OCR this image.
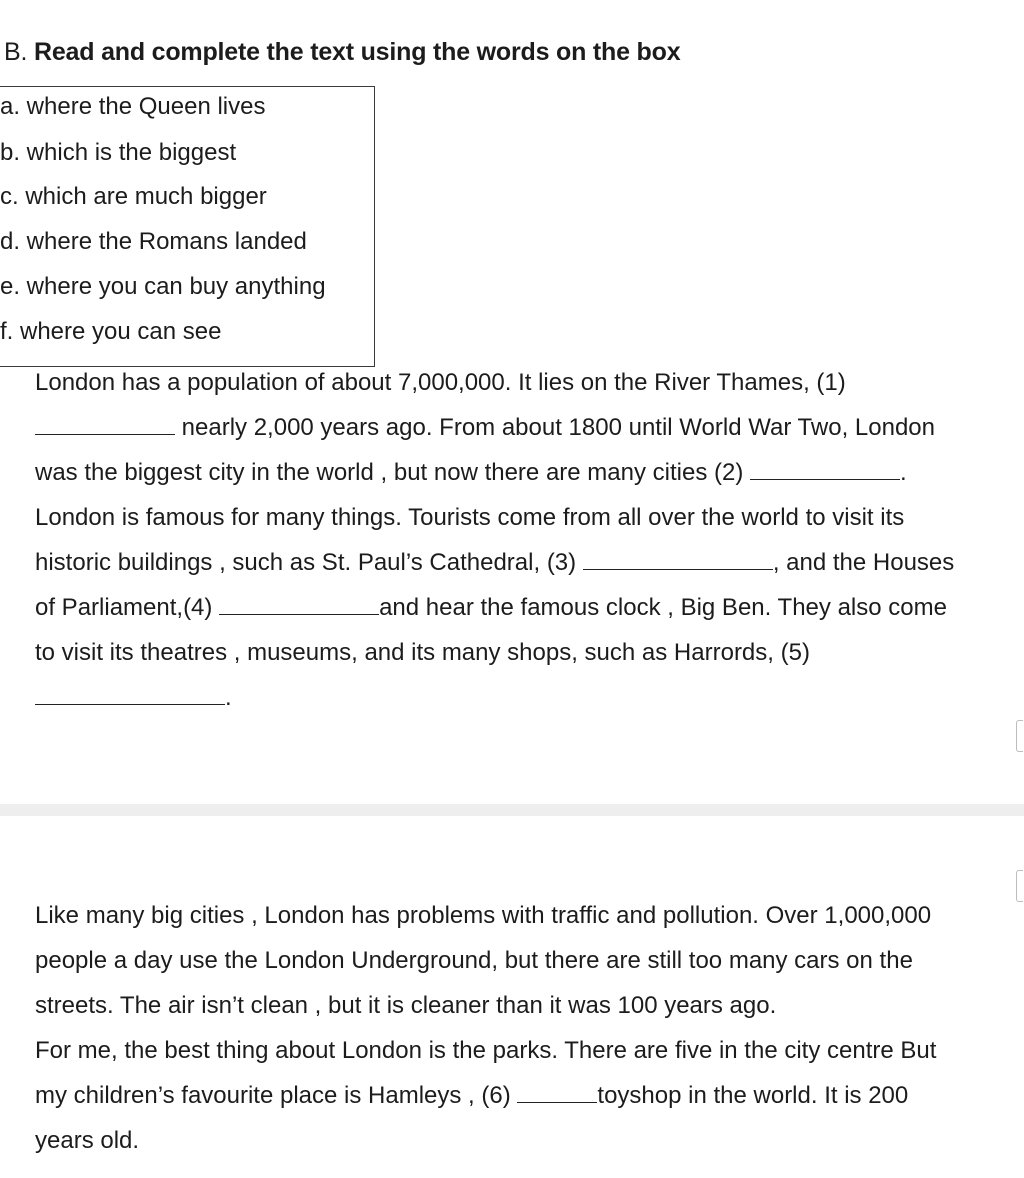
B. Read and complete the text using the words on the box
a. where the Queen lives
b. which is the biggest
c. which are much bigger
d. where the Romans landed
e. where you can buy anything
f. where you can see
London has a population of about 7,000,000. It lies on the River Thames, (1)
nearly 2,000 years ago. From about 1800 until World War Two, London
was the biggest city in the world , but now there are many cities (2)	.
London is famous for many things. Tourists come from all over the world to visit its
historic buildings , such as St. Paul’s Cathedral, (3)	, and the Houses
of Parliament,(4)	and hear the famous clock , Big Ben. They also come
to visit its theatres , museums, and its many shops, such as Harrords, (5)
.
Like many big cities , London has problems with traffic and pollution. Over 1,000,000
people a day use the London Underground, but there are still too many cars on the
streets. The air isn’t clean , but it is cleaner than it was 100 years ago.
For me, the best thing about London is the parks. There are five in the city centre But
my children’s favourite place is Hamleys , (6)	toyshop in the world. It is 200
years old.
